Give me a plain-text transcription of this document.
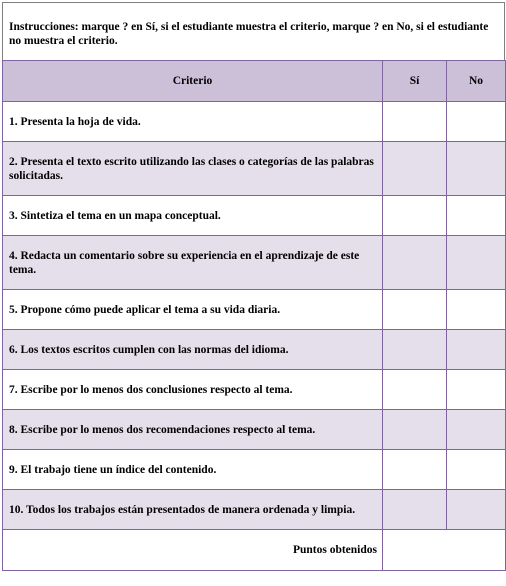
Instrucciones: marque ? en Sí, si el estudiante muestra el criterio, marque ? en No, si el estudiante no muestra el criterio.
Criterio	Sí	No
1. Presenta la hoja de vida.		
2. Presenta el texto escrito utilizando las clases o categorías de las palabras solicitadas.		
3. Sintetiza el tema en un mapa conceptual.		
4. Redacta un comentario sobre su experiencia en el aprendizaje de este tema.		
5. Propone cómo puede aplicar el tema a su vida diaria.		
6. Los textos escritos cumplen con las normas del idioma.		
7. Escribe por lo menos dos conclusiones respecto al tema.		
8. Escribe por lo menos dos recomendaciones respecto al tema.		
9. El trabajo tiene un índice del contenido.		
10. Todos los trabajos están presentados de manera ordenada y limpia.		
Puntos obtenidos		
